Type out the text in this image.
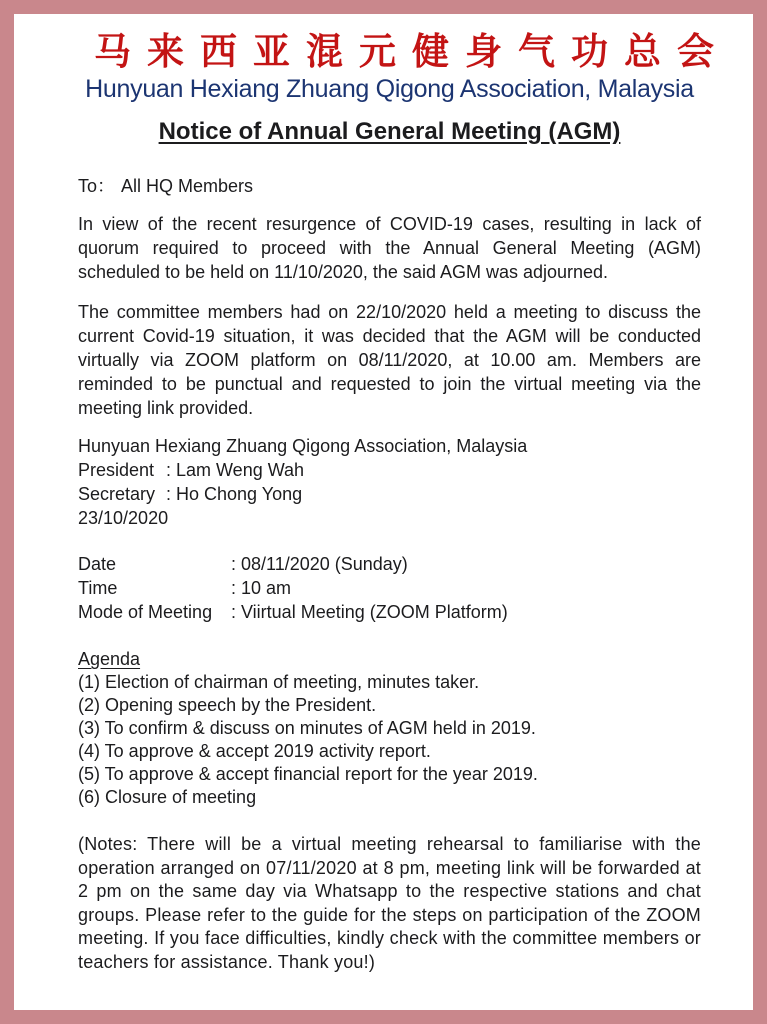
马来西亚混元健身气功总会
Hunyuan Hexiang Zhuang Qigong Association, Malaysia
Notice of Annual General Meeting (AGM)
To： All HQ Members

In view of the recent resurgence of COVID-19 cases, resulting in lack of quorum required to proceed with the Annual General Meeting (AGM) scheduled to be held on 11/10/2020, the said AGM was adjourned.

The committee members had on 22/10/2020 held a meeting to discuss the current Covid-19 situation, it was decided that the AGM will be conducted virtually via ZOOM platform on 08/11/2020, at 10.00 am. Members are reminded to be punctual and requested to join the virtual meeting via the meeting link provided.

Hunyuan Hexiang Zhuang Qigong Association, Malaysia
President : Lam Weng Wah
Secretary : Ho Chong Yong
23/10/2020
Date	: 08/11/2020 (Sunday)
Time	: 10 am
Mode of Meeting : Viirtual Meeting (ZOOM Platform)
Agenda
(1) Election of chairman of meeting, minutes taker.
(2) Opening speech by the President.
(3) To confirm & discuss on minutes of AGM held in 2019.
(4) To approve & accept 2019 activity report.
(5) To approve & accept financial report for the year 2019.
(6) Closure of meeting

(Notes: There will be a virtual meeting rehearsal to familiarise with the operation arranged on 07/11/2020 at 8 pm, meeting link will be forwarded at 2 pm on the same day via Whatsapp to the respective stations and chat groups. Please refer to the guide for the steps on participation of the ZOOM meeting. If you face difficulties, kindly check with the committee members or teachers for assistance. Thank you!)
